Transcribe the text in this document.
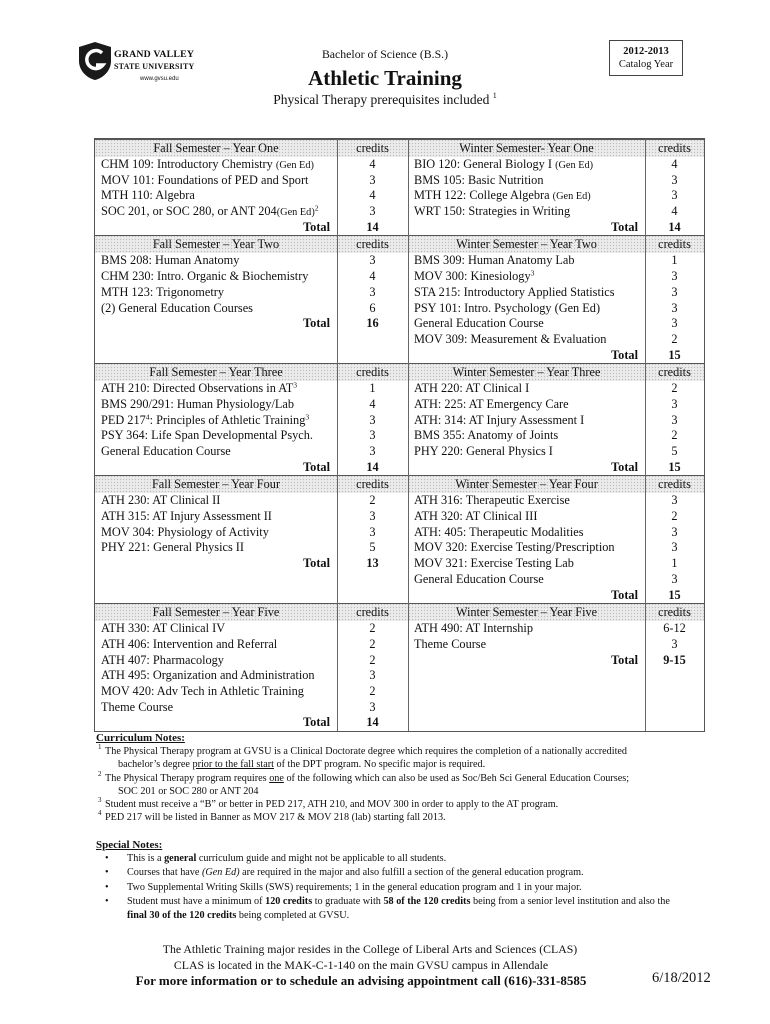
GRAND VALLEY
STATE UNIVERSITY
www.gvsu.edu
Bachelor of Science (B.S.)
Athletic Training
Physical Therapy prerequisites included $^1$
2012-2013
Catalog Year
Fall Semester – Year One	credits
CHM 109: Introductory Chemistry (Gen Ed)	4
MOV 101: Foundations of PED and Sport	3
MTH 110: Algebra	4
SOC 201, or SOC 280, or ANT 204(Gen Ed)$^2$	3
Total	14
Winter Semester- Year One	credits
BIO 120: General Biology I (Gen Ed)	4
BMS 105: Basic Nutrition	3
MTH 122: College Algebra (Gen Ed)	3
WRT 150: Strategies in Writing	4
Total	14
Fall Semester – Year Two	credits
BMS 208: Human Anatomy	3
CHM 230: Intro. Organic & Biochemistry	4
MTH 123: Trigonometry	3
(2) General Education Courses	6
Total	16
Winter Semester – Year Two	credits
BMS 309: Human Anatomy Lab	1
MOV 300: Kinesiology$^3$	3
STA 215: Introductory Applied Statistics	3
PSY 101: Intro. Psychology (Gen Ed)	3
General Education Course	3
MOV 309: Measurement & Evaluation	2
Total	15
Fall Semester – Year Three	credits
ATH 210: Directed Observations in $AT^3$	1
BMS 290/291: Human Physiology/Lab	4
PED $217^4$: Principles of Athletic Training$^3$	3
PSY 364: Life Span Developmental Psych.	3
General Education Course	3
Total	14
Winter Semester – Year Three	credits
ATH 220: AT Clinical I	2
ATH: 225: AT Emergency Care	3
ATH: 314: AT Injury Assessment I	3
BMS 355: Anatomy of Joints	2
PHY 220: General Physics I	5
Total	15
Fall Semester – Year Four	credits
ATH 230: AT Clinical II	2
ATH 315: AT Injury Assessment II	3
MOV 304: Physiology of Activity	3
PHY 221: General Physics II	5
Total	13
Winter Semester – Year Four	credits
ATH 316: Therapeutic Exercise	3
ATH 320: AT Clinical III	2
ATH: 405: Therapeutic Modalities	3
MOV 320: Exercise Testing/Prescription	3
MOV 321: Exercise Testing Lab	1
General Education Course	3
Total	15
Fall Semester – Year Five	credits
ATH 330: AT Clinical IV	2
ATH 406: Intervention and Referral	2
ATH 407: Pharmacology	2
ATH 495: Organization and Administration	3
MOV 420: Adv Tech in Athletic Training	2
Theme Course	3
Total	14
Winter Semester – Year Five	credits
ATH 490: AT Internship	6-12
Theme Course	3
Total	9-15
Curriculum Notes:
1 The Physical Therapy program at GVSU is a Clinical Doctorate degree which requires the completion of a nationally accredited
bachelor’s degree prior to the fall start of the DPT program. No specific major is required.
2 The Physical Therapy program requires one of the following which can also be used as Soc/Beh Sci General Education Courses;
SOC 201 or SOC 280 or ANT 204
3 Student must receive a “B” or better in PED 217, ATH 210, and MOV 300 in order to apply to the AT program.
4 PED 217 will be listed in Banner as MOV 217 & MOV 218 (lab) starting fall 2013.
Special Notes:
•
This is a general curriculum guide and might not be applicable to all students.
•
Courses that have (Gen Ed) are required in the major and also fulfill a section of the general education program.
•
Two Supplemental Writing Skills (SWS) requirements; 1 in the general education program and 1 in your major.
•
Student must have a minimum of 120 credits to graduate with 58 of the 120 credits being from a senior level institution and also the
final 30 of the 120 credits being completed at GVSU.
The Athletic Training major resides in the College of Liberal Arts and Sciences (CLAS)
CLAS is located in the MAK-C-1-140 on the main GVSU campus in Allendale
For more information or to schedule an advising appointment call (616)-331-8585	6/18/2012
